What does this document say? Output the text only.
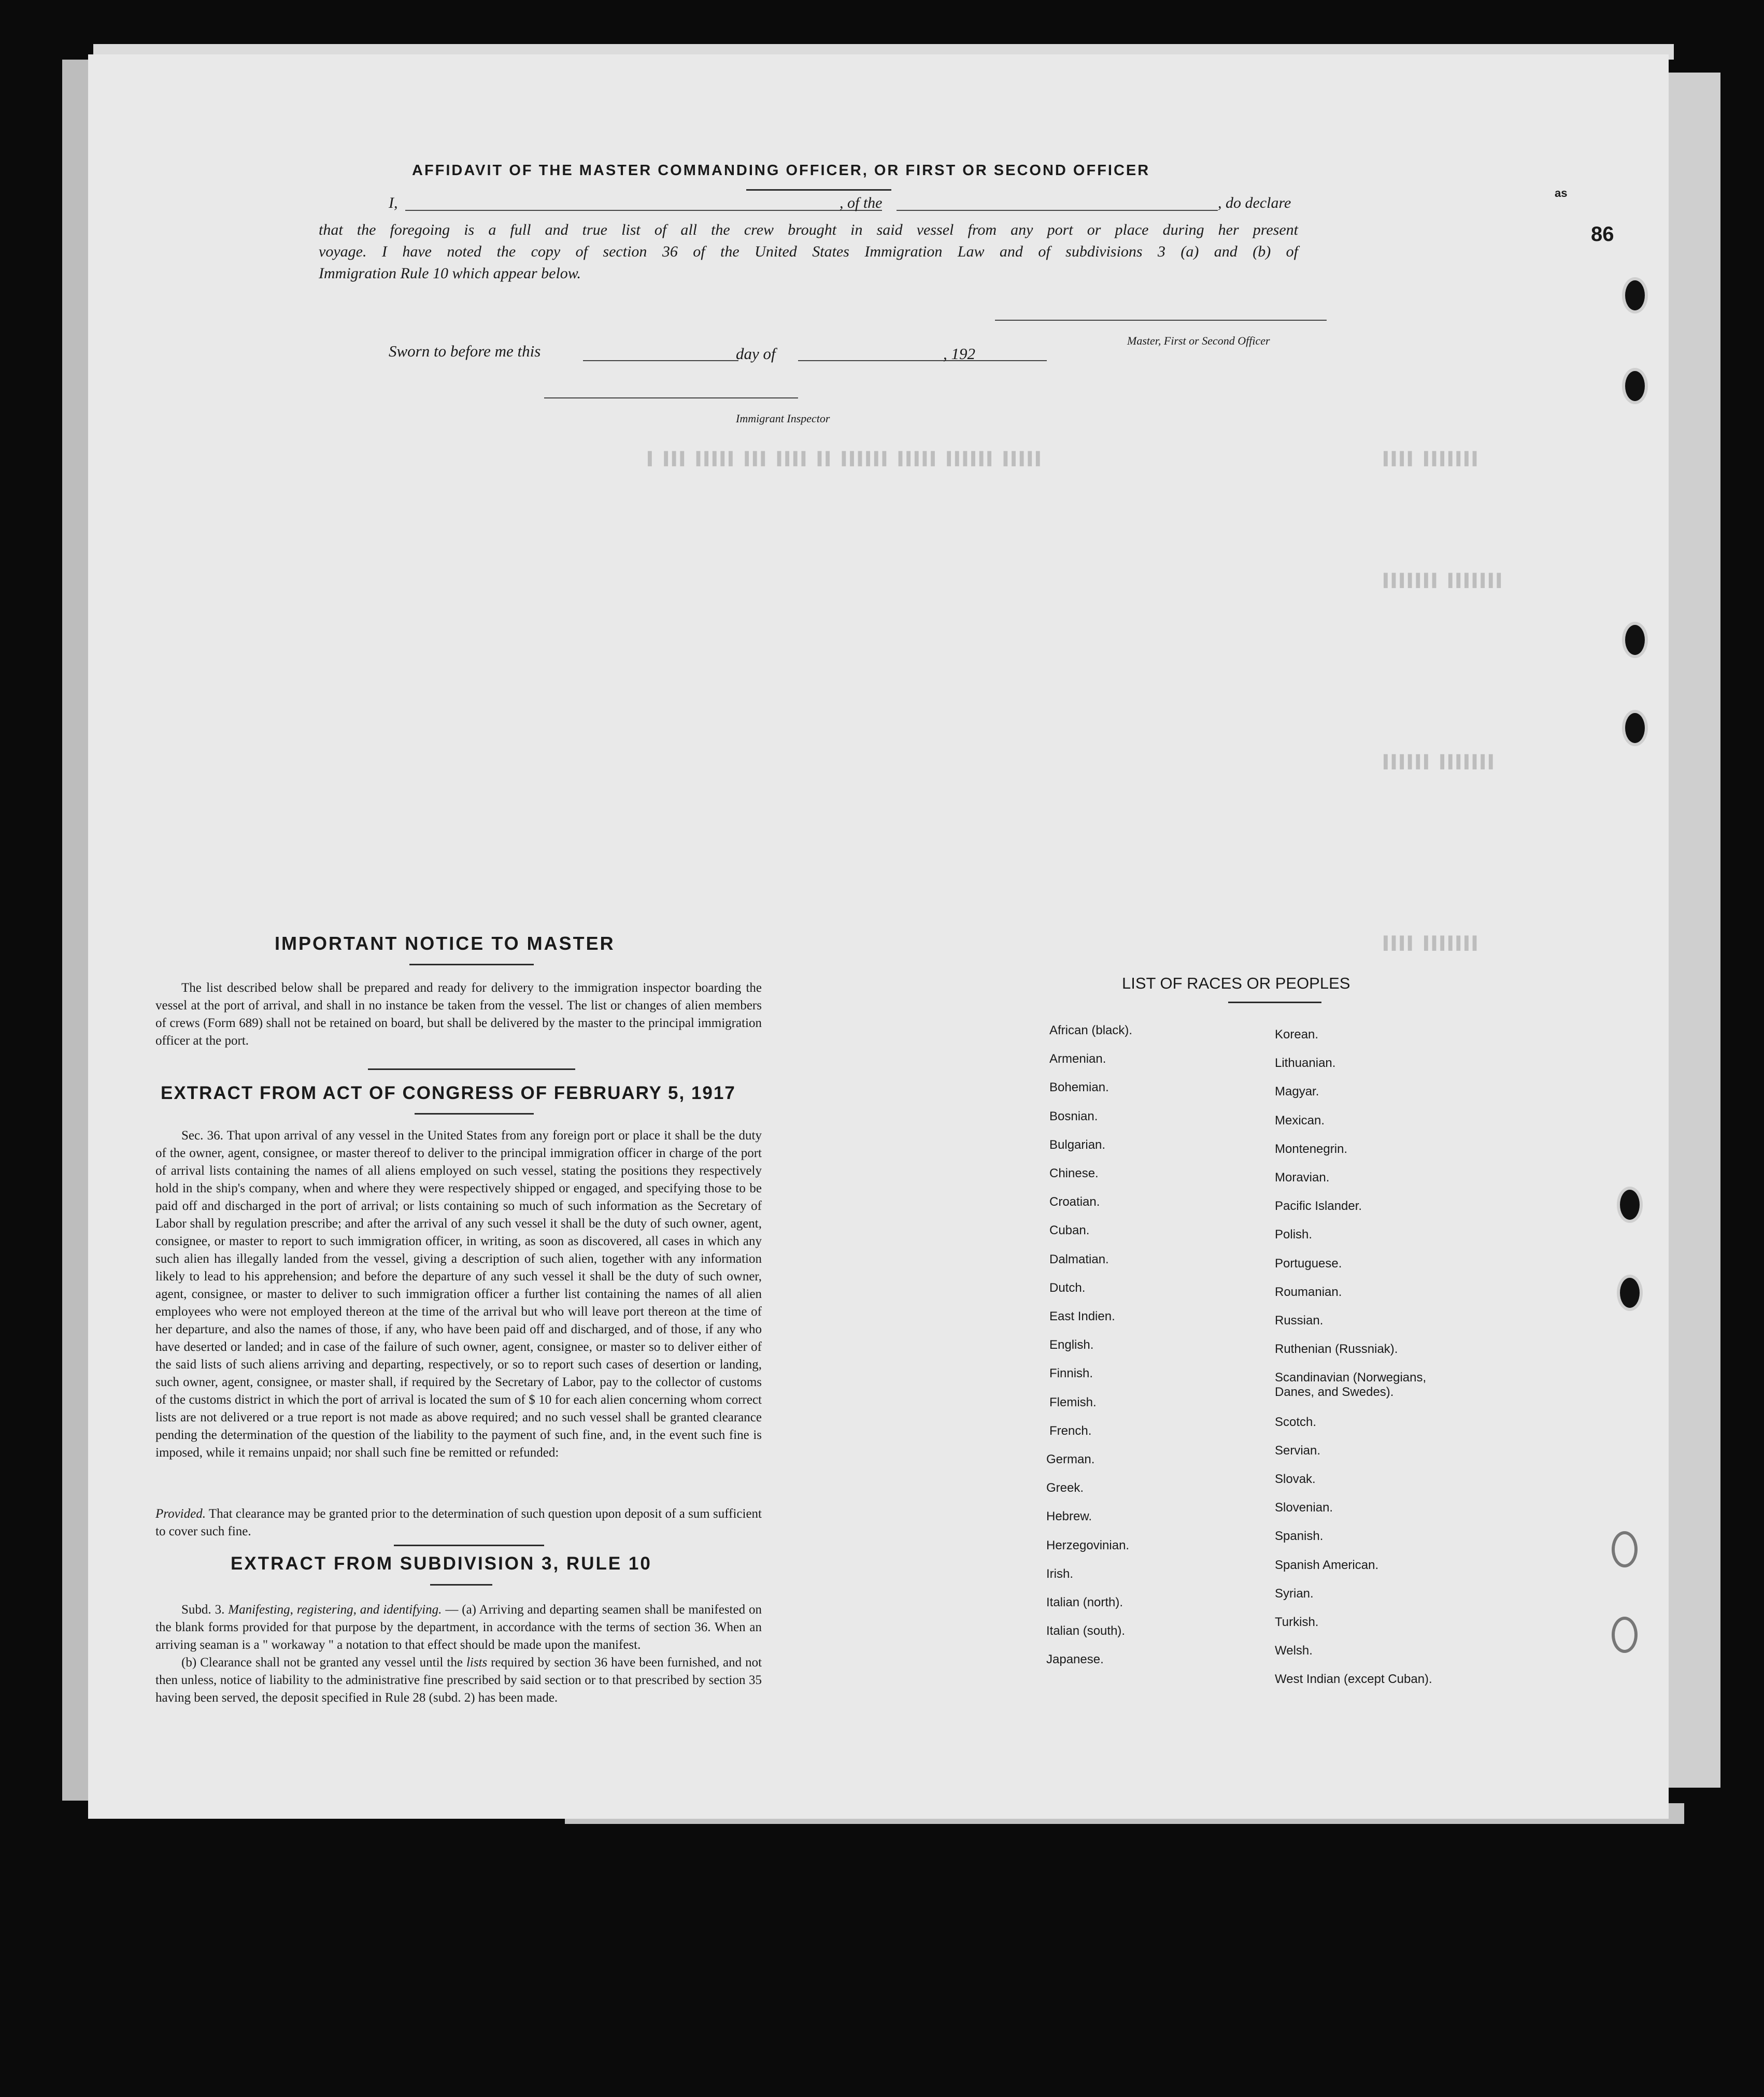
▌ ▌▌▌ ▌▌▌▌▌ ▌▌▌ ▌▌▌▌ ▌▌ ▌▌▌▌▌▌ ▌▌▌▌▌ ▌▌▌▌▌▌ ▌▌▌▌▌	▌▌▌▌ ▌▌▌▌▌▌▌
▌▌▌▌▌▌▌ ▌▌▌▌▌▌▌
▌▌▌▌▌▌ ▌▌▌▌▌▌▌
▌▌▌▌ ▌▌▌▌▌▌▌
AFFIDAVIT OF THE MASTER COMMANDING OFFICER, OR FIRST OR SECOND OFFICER
I,	, of the	, do declare
that the foregoing is a full and true list of all the crew brought in said vessel from any port or place during her present
voyage. I have noted the copy of section 36 of the United States Immigration Law and of subdivisions 3 (a) and (b) of
Immigration Rule 10 which appear below.
Master, First or Second Officer
Sworn to before me this	day of	, 192
Immigrant Inspector
IMPORTANT NOTICE TO MASTER
The list described below shall be prepared and ready for delivery to the immigration inspector boarding the vessel at the port of arrival, and shall in no instance be taken from the vessel. The list or changes of alien members of crews (Form 689) shall not be retained on board, but shall be delivered by the master to the principal immigration officer at the port.
EXTRACT FROM ACT OF CONGRESS OF FEBRUARY 5, 1917

Sec. 36. That upon arrival of any vessel in the United States from any foreign port or place it shall be the duty of the owner, agent, consignee, or master thereof to deliver to the principal immigration officer in charge of the port of arrival lists containing the names of all aliens employed on such vessel, stating the positions they respectively hold in the ship's company, when and where they were respectively shipped or engaged, and specifying those to be paid off and discharged in the port of arrival; or lists containing so much of such information as the Secretary of Labor shall by regulation prescribe; and after the arrival of any such vessel it shall be the duty of such owner, agent, consignee, or master to report to such immigration officer, in writing, as soon as discovered, all cases in which any such alien has illegally landed from the vessel, giving a description of such alien, together with any information likely to lead to his apprehension; and before the departure of any such vessel it shall be the duty of such owner, agent, consignee, or master to deliver to such immigration officer a further list containing the names of all alien employees who were not employed thereon at the time of the arrival but who will leave port thereon at the time of her departure, and also the names of those, if any, who have been paid off and discharged, and of those, if any who have deserted or landed; and in case of the failure of such owner, agent, consignee, or master so to deliver either of the said lists of such aliens arriving and departing, respectively, or so to report such cases of desertion or landing, such owner, agent, consignee, or master shall, if required by the Secretary of Labor, pay to the collector of customs of the customs district in which the port of arrival is located the sum of $ 10 for each alien concerning whom correct lists are not delivered or a true report is not made as above required; and no such vessel shall be granted clearance pending the determination of the question of the liability to the payment of such fine, and, in the event such fine is imposed, while it remains unpaid; nor shall such fine be remitted or refunded:

Provided. That clearance may be granted prior to the determination of such question upon deposit of a sum sufficient to cover such fine.
EXTRACT FROM SUBDIVISION 3, RULE 10

Subd. 3. Manifesting, registering, and identifying. — (a) Arriving and departing seamen shall be manifested on the blank forms provided for that purpose by the department, in accordance with the terms of section 36. When an arriving seaman is a " workaway " a notation to that effect should be made upon the manifest.

(b) Clearance shall not be granted any vessel until the lists required by section 36 have been furnished, and not then unless, notice of liability to the administrative fine prescribed by said section or to that prescribed by section 35 having been served, the deposit specified in Rule 28 (subd. 2) has been made.

LIST OF RACES OR PEOPLES
as
86
African (black).
Armenian.
Bohemian.
Bosnian.
Bulgarian.
Chinese.
Croatian.
Cuban.
Dalmatian.
Dutch.
East Indien.
English.
Finnish.
Flemish.
French.
German.
Greek.
Hebrew.
Herzegovinian.
Irish.
Italian (north).
Italian (south).
Japanese.
Korean.
Lithuanian.
Magyar.
Mexican.
Montenegrin.
Moravian.
Pacific Islander.
Polish.
Portuguese.
Roumanian.
Russian.
Ruthenian (Russniak).
Scandinavian (Norwegians, Danes, and Swedes).
Scotch.
Servian.
Slovak.
Slovenian.
Spanish.
Spanish American.
Syrian.
Turkish.
Welsh.
West Indian (except Cuban).
